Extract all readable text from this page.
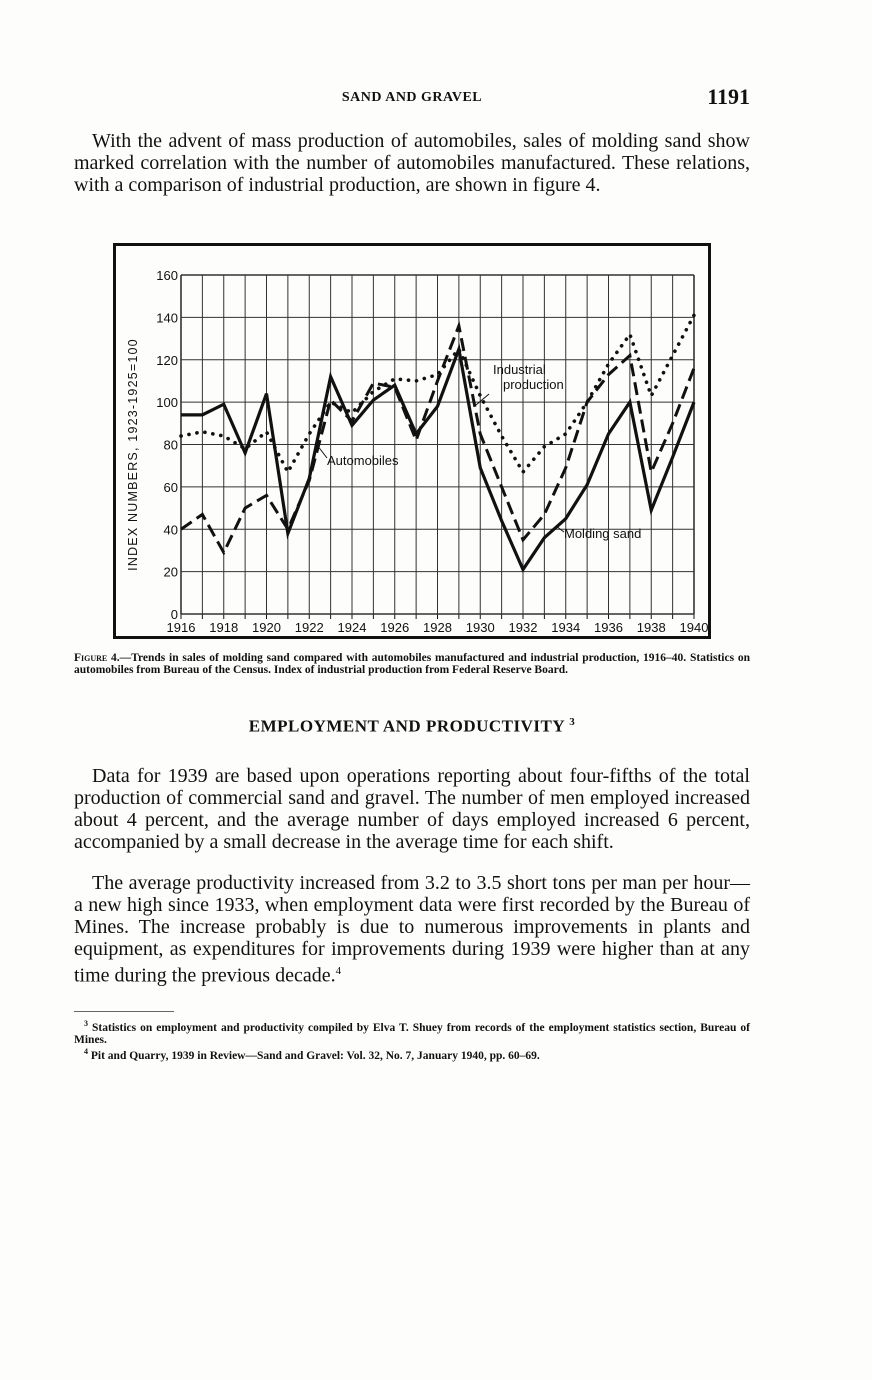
SAND AND GRAVEL	1191
With the advent of mass production of automobiles, sales of molding sand show marked correlation with the number of automobiles manufactured. These relations, with a comparison of industrial production, are shown in figure 4.
0
20
40
60
80
100
120
140
160
1916 1918 1920 1922 1924 1926 1928 1930 1932 1934 1936 1938 1940
INDEX NUMBERS, 1923-1925=100	Industrial
production
Automobiles
Molding sand
Figure 4.—Trends in sales of molding sand compared with automobiles manufactured and industrial production, 1916–40. Statistics on automobiles from Bureau of the Census. Index of industrial production from Federal Reserve Board.
EMPLOYMENT AND PRODUCTIVITY $^3$
Data for 1939 are based upon operations reporting about four-fifths of the total production of commercial sand and gravel. The number of men employed increased about 4 percent, and the average number of days employed increased 6 percent, accompanied by a small decrease in the average time for each shift.
The average productivity increased from 3.2 to 3.5 short tons per man per hour—a new high since 1933, when employment data were first recorded by the Bureau of Mines. The increase probably is due to numerous improvements in plants and equipment, as expenditures for improvements during 1939 were higher than at any time during the previous decade.$^4$

$^3$ Statistics on employment and productivity compiled by Elva T. Shuey from records of the employment statistics section, Bureau of Mines.

$^4$ Pit and Quarry, 1939 in Review—Sand and Gravel: Vol. 32, No. 7, January 1940, pp. 60–69.
